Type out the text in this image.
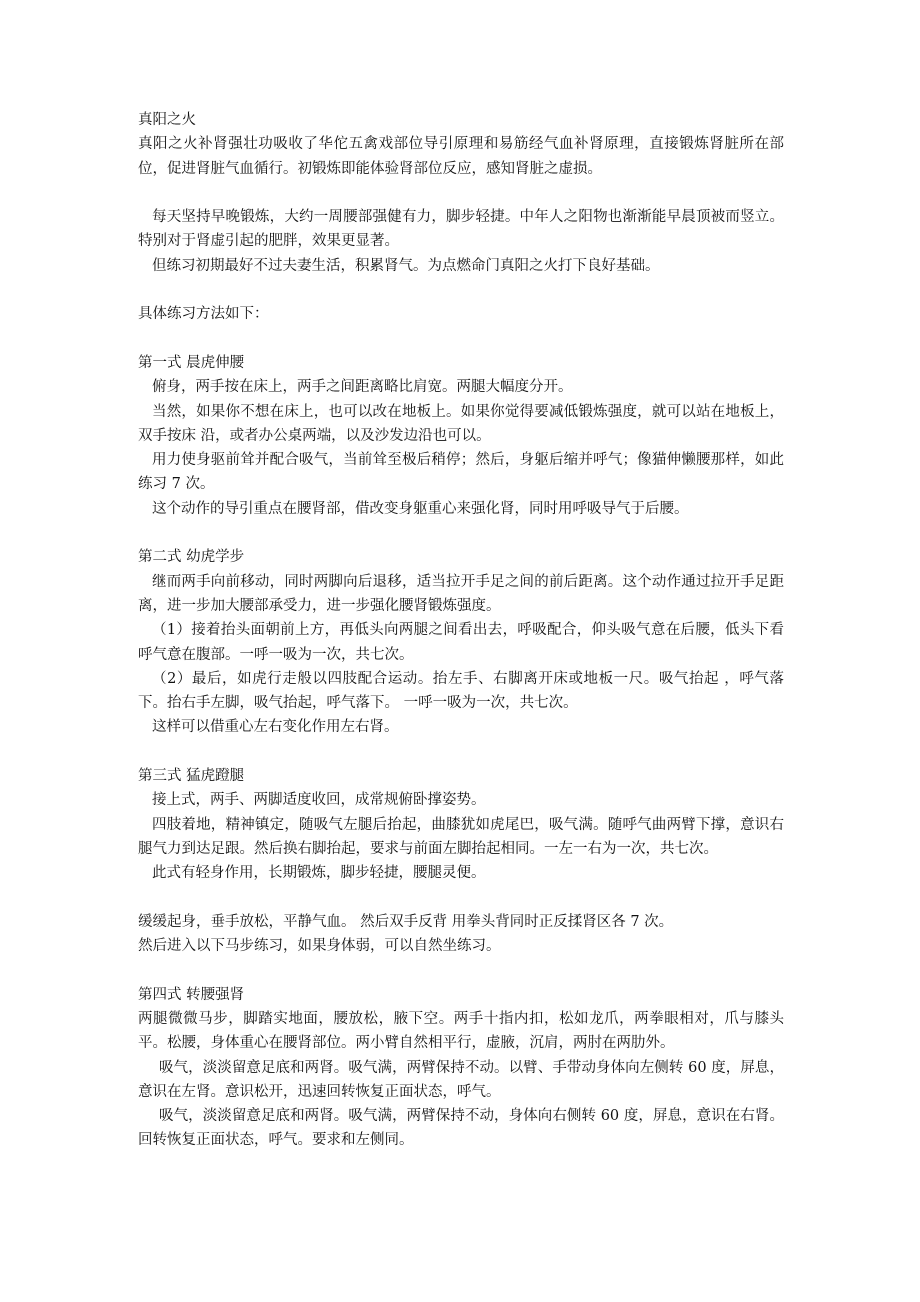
真阳之火
真阳之火补肾强壮功吸收了华佗五禽戏部位导引原理和易筋经气血补肾原理，直接锻炼肾脏所在部位，促进肾脏气血循行。初锻炼即能体验肾部位反应，感知肾脏之虚损。
每天坚持早晚锻炼，大约一周腰部强健有力，脚步轻捷。中年人之阳物也渐渐能早晨顶被而竖立。特别对于肾虚引起的肥胖，效果更显著。
但练习初期最好不过夫妻生活，积累肾气。为点燃命门真阳之火打下良好基础。
具体练习方法如下：
第一式 晨虎伸腰
俯身，两手按在床上，两手之间距离略比肩宽。两腿大幅度分开。
当然，如果你不想在床上，也可以改在地板上。如果你觉得要减低锻炼强度，就可以站在地板上，双手按床 沿，或者办公桌两端，以及沙发边沿也可以。
用力使身驱前耸并配合吸气，当前耸至极后稍停；然后，身躯后缩并呼气；像猫伸懒腰那样，如此练习 7 次。
这个动作的导引重点在腰肾部，借改变身躯重心来强化肾，同时用呼吸导气于后腰。
第二式 幼虎学步
继而两手向前移动，同时两脚向后退移，适当拉开手足之间的前后距离。这个动作通过拉开手足距离，进一步加大腰部承受力，进一步强化腰肾锻炼强度。
（1）接着抬头面朝前上方，再低头向两腿之间看出去，呼吸配合，仰头吸气意在后腰，低头下看呼气意在腹部。一呼一吸为一次，共七次。
（2）最后，如虎行走般以四肢配合运动。抬左手、右脚离开床或地板一尺。吸气抬起 ，呼气落下。抬右手左脚，吸气抬起，呼气落下。 一呼一吸为一次，共七次。
这样可以借重心左右变化作用左右肾。
第三式 猛虎蹬腿
接上式，两手、两脚适度收回，成常规俯卧撑姿势。
四肢着地，精神镇定，随吸气左腿后抬起，曲膝犹如虎尾巴，吸气满。随呼气曲两臂下撑，意识右腿气力到达足跟。然后换右脚抬起，要求与前面左脚抬起相同。一左一右为一次，共七次。
此式有轻身作用，长期锻炼，脚步轻捷，腰腿灵便。
缓缓起身，垂手放松，平静气血。 然后双手反背 用拳头背同时正反揉肾区各 7 次。
然后进入以下马步练习，如果身体弱，可以自然坐练习。
第四式 转腰强肾
两腿微微马步，脚踏实地面，腰放松，腋下空。两手十指内扣，松如龙爪，两拳眼相对，爪与膝头平。松腰，身体重心在腰肾部位。两小臂自然相平行，虚腋，沉肩，两肘在两肋外。
吸气，淡淡留意足底和两肾。吸气满，两臂保持不动。以臂、手带动身体向左侧转 60 度，屏息，意识在左肾。意识松开，迅速回转恢复正面状态，呼气。
吸气，淡淡留意足底和两肾。吸气满，两臂保持不动，身体向右侧转 60 度，屏息，意识在右肾。回转恢复正面状态，呼气。要求和左侧同。
